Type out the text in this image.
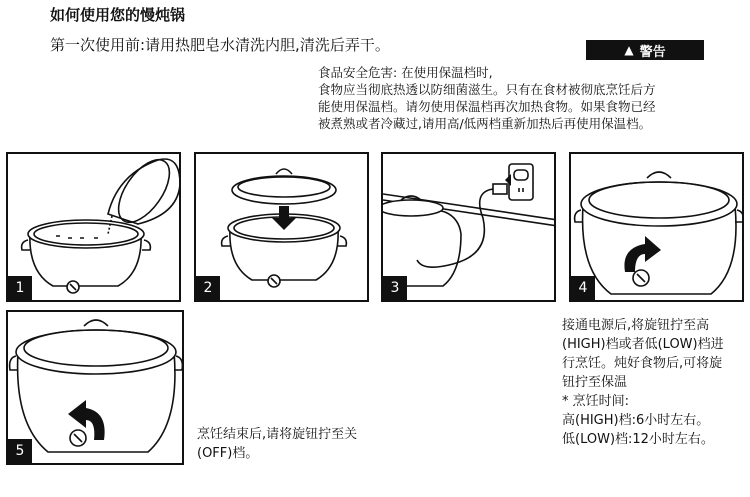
如何使用您的慢炖锅
第一次使用前:请用热肥皂水清洗内胆,清洗后弄干。	▲ 警告
食品安全危害: 在使用保温档时,
食物应当彻底热透以防细菌滋生。只有在食材被彻底烹饪后方
能使用保温档。请勿使用保温档再次加热食物。如果食物已经
被煮熟或者冷藏过,请用高/低两档重新加热后再使用保温档。
1	2	3	4
5
接通电源后,将旋钮拧至高
(HIGH)档或者低(LOW)档进
行烹饪。炖好食物后,可将旋
钮拧至保温
* 烹饪时间:
高(HIGH)档:6小时左右。
低(LOW)档:12小时左右。
烹饪结束后,请将旋钮拧至关
(OFF)档。
